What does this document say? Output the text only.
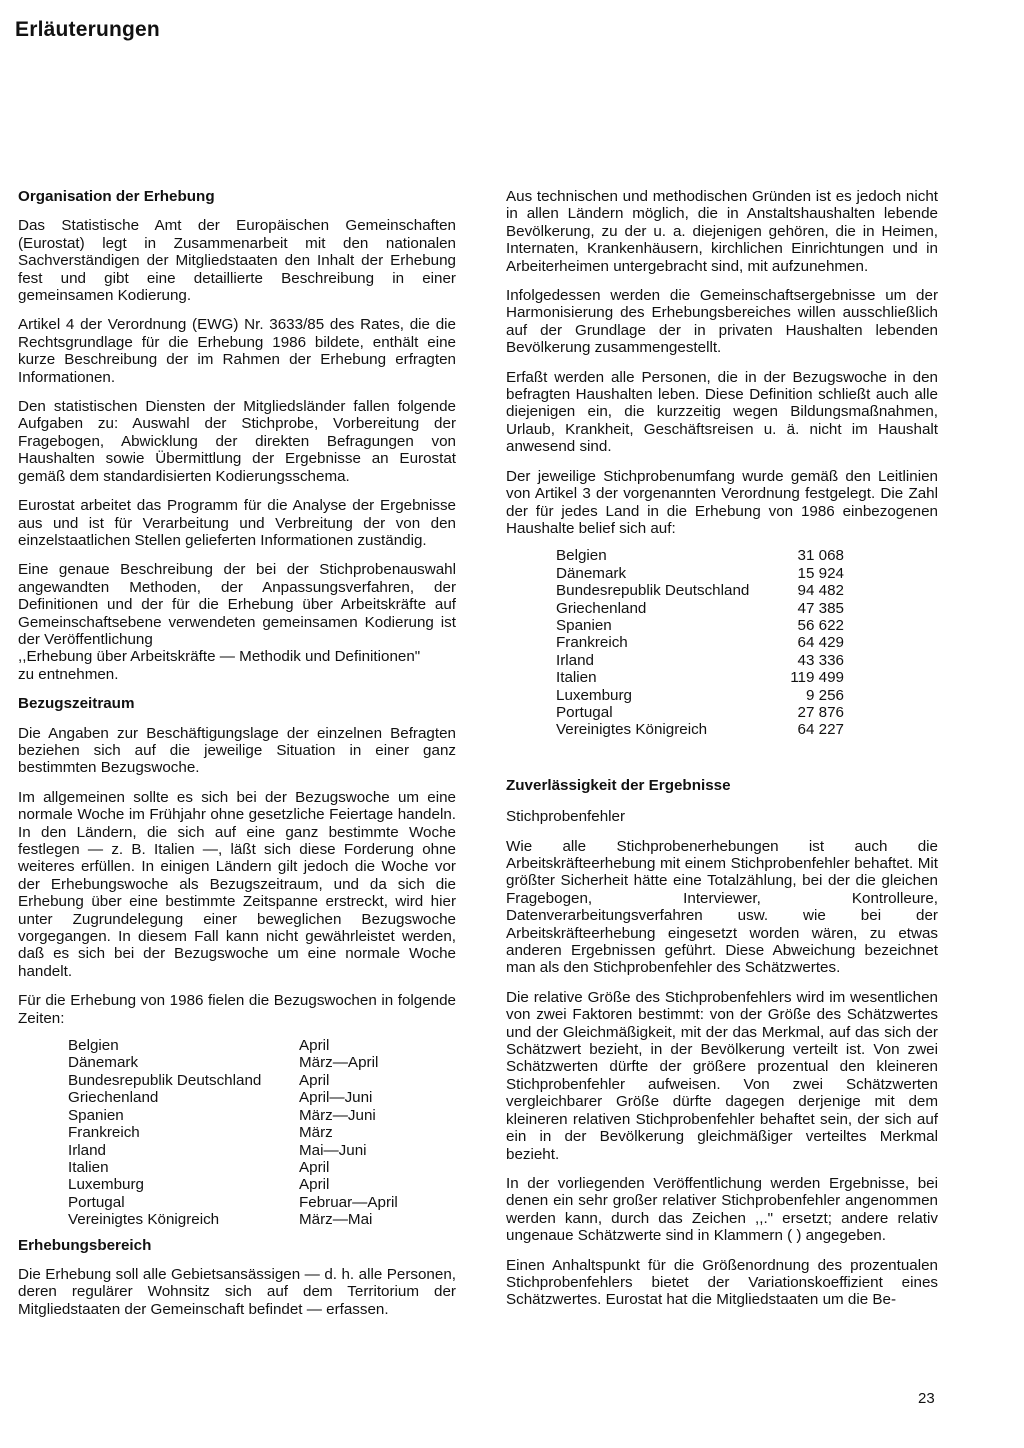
Erläuterungen
Organisation der Erhebung

Das Statistische Amt der Europäischen Gemeinschaften (Eurostat) legt in Zusammenarbeit mit den nationalen Sachverständigen der Mitgliedstaaten den Inhalt der Erhebung fest und gibt eine detaillierte Beschreibung in einer gemeinsamen Kodierung.

Artikel 4 der Verordnung (EWG) Nr. 3633/85 des Rates, die die Rechtsgrundlage für die Erhebung 1986 bildete, enthält eine kurze Beschreibung der im Rahmen der Erhebung erfragten Informationen.

Den statistischen Diensten der Mitgliedsländer fallen folgende Aufgaben zu: Auswahl der Stichprobe, Vorbereitung der Fragebogen, Abwicklung der direkten Befragungen von Haushalten sowie Übermittlung der Ergebnisse an Eurostat gemäß dem standardisierten Kodierungsschema.

Eurostat arbeitet das Programm für die Analyse der Ergebnisse aus und ist für Verarbeitung und Verbreitung der von den einzelstaatlichen Stellen gelieferten Informationen zuständig.

Eine genaue Beschreibung der bei der Stichprobenauswahl angewandten Methoden, der Anpassungsverfahren, der Definitionen und der für die Erhebung über Arbeitskräfte auf Gemeinschaftsebene verwendeten gemeinsamen Kodierung ist der Veröffentlichung
,,Erhebung über Arbeitskräfte — Methodik und Definitionen"
zu entnehmen.
Bezugszeitraum

Die Angaben zur Beschäftigungslage der einzelnen Befragten beziehen sich auf die jeweilige Situation in einer ganz bestimmten Bezugswoche.

Im allgemeinen sollte es sich bei der Bezugswoche um eine normale Woche im Frühjahr ohne gesetzliche Feiertage handeln. In den Ländern, die sich auf eine ganz bestimmte Woche festlegen — z. B. Italien —, läßt sich diese Forderung ohne weiteres erfüllen. In einigen Ländern gilt jedoch die Woche vor der Erhebungswoche als Bezugszeitraum, und da sich die Erhebung über eine bestimmte Zeitspanne erstreckt, wird hier unter Zugrundelegung einer beweglichen Bezugswoche vorgegangen. In diesem Fall kann nicht gewährleistet werden, daß es sich bei der Bezugswoche um eine normale Woche handelt.

Für die Erhebung von 1986 fielen die Bezugswochen in folgende Zeiten:

Belgien	April
Dänemark	März—April
Bundesrepublik Deutschland	April
Griechenland	April—Juni
Spanien	März—Juni
Frankreich	März
Irland	Mai—Juni
Italien	April
Luxemburg	April
Portugal	Februar—April
Vereinigtes Königreich	März—Mai
Erhebungsbereich

Die Erhebung soll alle Gebietsansässigen — d. h. alle Personen, deren regulärer Wohnsitz sich auf dem Territorium der Mitgliedstaaten der Gemeinschaft befindet — erfassen.

Aus technischen und methodischen Gründen ist es jedoch nicht in allen Ländern möglich, die in Anstaltshaushalten lebende Bevölkerung, zu der u. a. diejenigen gehören, die in Heimen, Internaten, Krankenhäusern, kirchlichen Einrichtungen und in Arbeiterheimen untergebracht sind, mit aufzunehmen.

Infolgedessen werden die Gemeinschaftsergebnisse um der Harmonisierung des Erhebungsbereiches willen ausschließlich auf der Grundlage der in privaten Haushalten lebenden Bevölkerung zusammengestellt.

Erfaßt werden alle Personen, die in der Bezugswoche in den befragten Haushalten leben. Diese Definition schließt auch alle diejenigen ein, die kurzzeitig wegen Bildungsmaßnahmen, Urlaub, Krankheit, Geschäftsreisen u. ä. nicht im Haushalt anwesend sind.

Der jeweilige Stichprobenumfang wurde gemäß den Leitlinien von Artikel 3 der vorgenannten Verordnung festgelegt. Die Zahl der für jedes Land in die Erhebung von 1986 einbezogenen Haushalte belief sich auf:

Belgien	31 068
Dänemark	15 924
Bundesrepublik Deutschland	94 482
Griechenland	47 385
Spanien	56 622
Frankreich	64 429
Irland	43 336
Italien	119 499
Luxemburg	9 256
Portugal	27 876
Vereinigtes Königreich	64 227
Zuverlässigkeit der Ergebnisse
Stichprobenfehler

Wie alle Stichprobenerhebungen ist auch die Arbeitskräfteerhebung mit einem Stichprobenfehler behaftet. Mit größter Sicherheit hätte eine Totalzählung, bei der die gleichen Fragebogen, Interviewer, Kontrolleure, Datenverarbeitungsverfahren usw. wie bei der Arbeitskräfteerhebung eingesetzt worden wären, zu etwas anderen Ergebnissen geführt. Diese Abweichung bezeichnet man als den Stichprobenfehler des Schätzwertes.

Die relative Größe des Stichprobenfehlers wird im wesentlichen von zwei Faktoren bestimmt: von der Größe des Schätzwertes und der Gleichmäßigkeit, mit der das Merkmal, auf das sich der Schätzwert bezieht, in der Bevölkerung verteilt ist. Von zwei Schätzwerten dürfte der größere prozentual den kleineren Stichprobenfehler aufweisen. Von zwei Schätzwerten vergleichbarer Größe dürfte dagegen derjenige mit dem kleineren relativen Stichprobenfehler behaftet sein, der sich auf ein in der Bevölkerung gleichmäßiger verteiltes Merkmal bezieht.

In der vorliegenden Veröffentlichung werden Ergebnisse, bei denen ein sehr großer relativer Stichprobenfehler angenommen werden kann, durch das Zeichen ,,." ersetzt; andere relativ ungenaue Schätzwerte sind in Klammern ( ) angegeben.

Einen Anhaltspunkt für die Größenordnung des prozentualen Stichprobenfehlers bietet der Variationskoeffizient eines Schätzwertes. Eurostat hat die Mitgliedstaaten um die Be-

23
